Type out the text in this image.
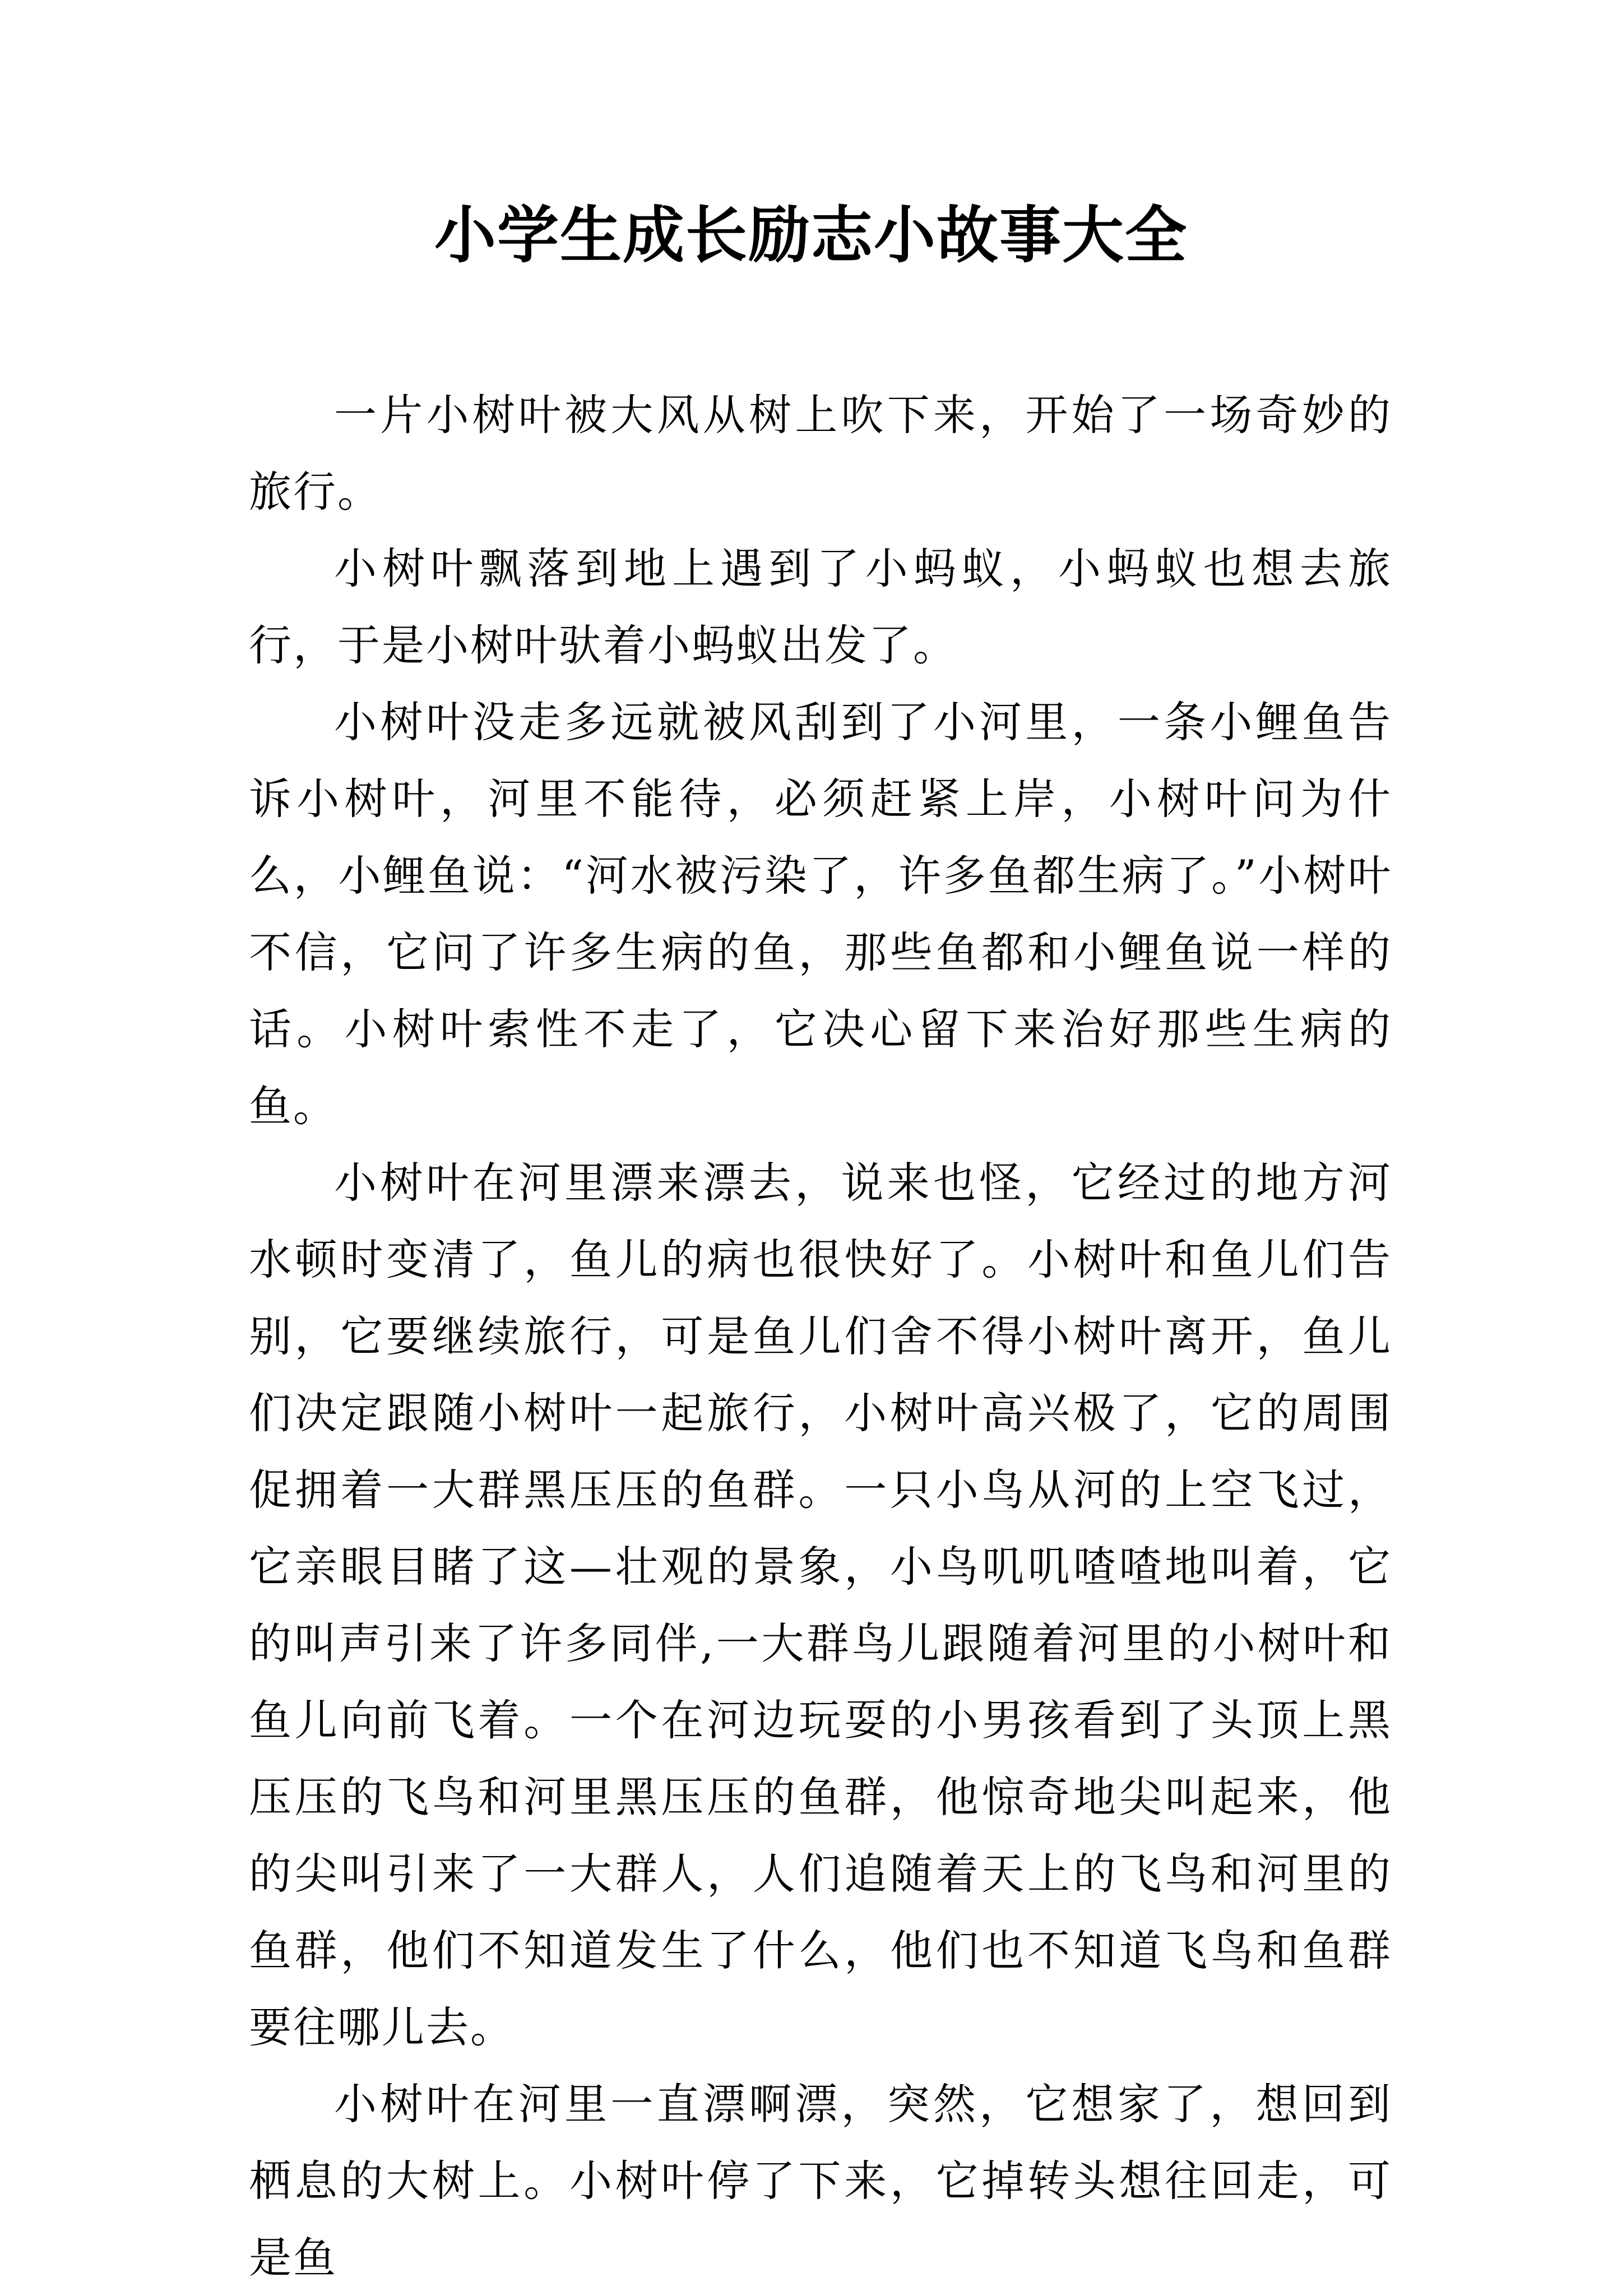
小学生成长励志小故事大全

一片小树叶被大风从树上吹下来，开始了一场奇妙的旅行。

小树叶飘落到地上遇到了小蚂蚁，小蚂蚁也想去旅行，于是小树叶驮着小蚂蚁出发了。

小树叶没走多远就被风刮到了小河里，一条小鲤鱼告诉小树叶，河里不能待，必须赶紧上岸，小树叶问为什么，小鲤鱼说：“河水被污染了，许多鱼都生病了。”小树叶不信，它问了许多生病的鱼，那些鱼都和小鲤鱼说一样的话。小树叶索性不走了，它决心留下来治好那些生病的鱼。

小树叶在河里漂来漂去，说来也怪，它经过的地方河水顿时变清了，鱼儿的病也很快好了。小树叶和鱼儿们告别，它要继续旅行，可是鱼儿们舍不得小树叶离开，鱼儿们决定跟随小树叶一起旅行，小树叶高兴极了，它的周围促拥着一大群黑压压的鱼群。一只小鸟从河的上空飞过，它亲眼目睹了这—壮观的景象，小鸟叽叽喳喳地叫着，它的叫声引来了许多同伴,一大群鸟儿跟随着河里的小树叶和鱼儿向前飞着。一个在河边玩耍的小男孩看到了头顶上黑压压的飞鸟和河里黑压压的鱼群，他惊奇地尖叫起来，他的尖叫引来了一大群人，人们追随着天上的飞鸟和河里的鱼群，他们不知道发生了什么，他们也不知道飞鸟和鱼群要往哪儿去。

小树叶在河里一直漂啊漂，突然，它想家了，想回到栖息的大树上。小树叶停了下来，它掉转头想往回走，可是鱼
